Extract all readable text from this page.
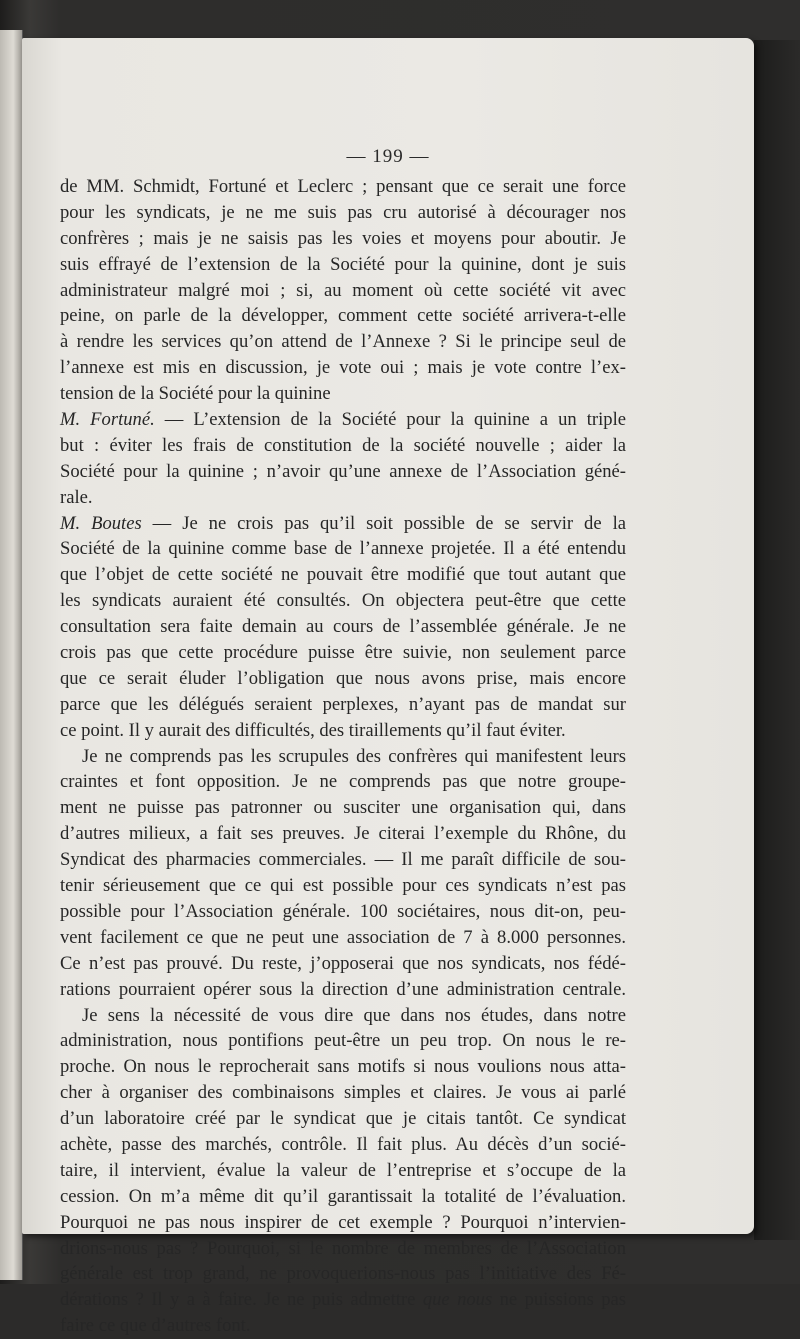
— 199 —
de MM. Schmidt, Fortuné et Leclerc ; pensant que ce serait une force
pour les syndicats, je ne me suis pas cru autorisé à décourager nos
confrères ; mais je ne saisis pas les voies et moyens pour aboutir. Je
suis effrayé de l’extension de la Société pour la quinine, dont je suis
administrateur malgré moi ; si, au moment où cette société vit avec
peine, on parle de la développer, comment cette société arrivera-t-elle
à rendre les services qu’on attend de l’Annexe ? Si le principe seul de
l’annexe est mis en discussion, je vote oui ; mais je vote contre l’ex-
tension de la Société pour la quinine
M. Fortuné. — L’extension de la Société pour la quinine a un triple
but : éviter les frais de constitution de la société nouvelle ; aider la
Société pour la quinine ; n’avoir qu’une annexe de l’Association géné-
rale.
M. Boutes — Je ne crois pas qu’il soit possible de se servir de la
Société de la quinine comme base de l’annexe projetée. Il a été entendu
que l’objet de cette société ne pouvait être modifié que tout autant que
les syndicats auraient été consultés. On objectera peut-être que cette
consultation sera faite demain au cours de l’assemblée générale. Je ne
crois pas que cette procédure puisse être suivie, non seulement parce
que ce serait éluder l’obligation que nous avons prise, mais encore
parce que les délégués seraient perplexes, n’ayant pas de mandat sur
ce point. Il y aurait des difficultés, des tiraillements qu’il faut éviter.
Je ne comprends pas les scrupules des confrères qui manifestent leurs
craintes et font opposition. Je ne comprends pas que notre groupe-
ment ne puisse pas patronner ou susciter une organisation qui, dans
d’autres milieux, a fait ses preuves. Je citerai l’exemple du Rhône, du
Syndicat des pharmacies commerciales. — Il me paraît difficile de sou-
tenir sérieusement que ce qui est possible pour ces syndicats n’est pas
possible pour l’Association générale. 100 sociétaires, nous dit-on, peu-
vent facilement ce que ne peut une association de 7 à 8.000 personnes.
Ce n’est pas prouvé. Du reste, j’opposerai que nos syndicats, nos fédé-
rations pourraient opérer sous la direction d’une administration centrale.
Je sens la nécessité de vous dire que dans nos études, dans notre
administration, nous pontifions peut-être un peu trop. On nous le re-
proche. On nous le reprocherait sans motifs si nous voulions nous atta-
cher à organiser des combinaisons simples et claires. Je vous ai parlé
d’un laboratoire créé par le syndicat que je citais tantôt. Ce syndicat
achète, passe des marchés, contrôle. Il fait plus. Au décès d’un socié-
taire, il intervient, évalue la valeur de l’entreprise et s’occupe de la
cession. On m’a même dit qu’il garantissait la totalité de l’évaluation.
Pourquoi ne pas nous inspirer de cet exemple ? Pourquoi n’intervien-
drions-nous pas ? Pourquoi, si le nombre de membres de l’Association
générale est trop grand, ne provoquerions-nous pas l’initiative des Fé-
dérations ? Il y a à faire. Je ne puis admettre que nous ne puissions pas
faire ce que d’autres font.
